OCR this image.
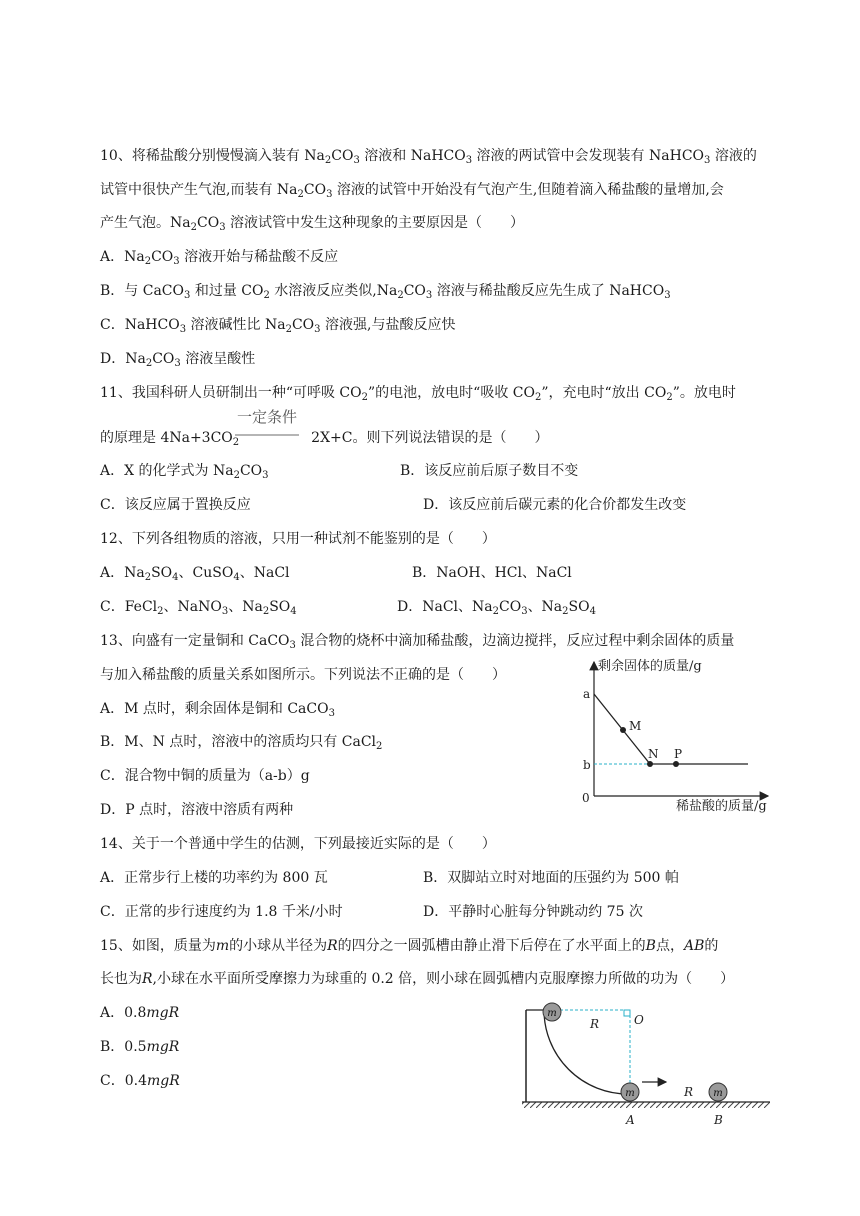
10、将稀盐酸分别慢慢滴入装有 $Na_2CO_3$ 溶液和 NaHCO$_3$ 溶液的两试管中会发现装有 NaHCO$_3$ 溶液的
试管中很快产生气泡,而装有 $Na_2CO_3$ 溶液的试管中开始没有气泡产生,但随着滴入稀盐酸的量增加,会
产生气泡。$Na_2CO_3$ 溶液试管中发生这种现象的主要原因是（　　）
A．$Na_2CO_3$ 溶液开始与稀盐酸不反应
B．与 CaCO$_3$ 和过量 $CO_2$ 水溶液反应类似$,Na_2CO_3$ 溶液与稀盐酸反应先生成了 NaHCO$_3$
C．NaHCO$_3$ 溶液碱性比 $Na_2CO_3$ 溶液强,与盐酸反应快
D．$Na_2CO_3$ 溶液呈酸性
11、我国科研人员研制出一种“可呼吸 $CO_2$”的电池，放电时“吸收 $CO_2$”，充电时“放出 $CO_2$”。放电时
的原理是 $4Na+3CO_2$	2X+C。则下列说法错误的是（　　）
一定条件
A．X 的化学式为 $Na_2CO_3$	B．该反应前后原子数目不变
C．该反应属于置换反应	D．该反应前后碳元素的化合价都发生改变
12、下列各组物质的溶液，只用一种试剂不能鉴别的是（　　）
A．$Na_2SO_4$、CuSO$_4$、NaCl	B．NaOH、HCl、NaCl
C．FeCl$_2$、NaNO$_3$、$Na_2SO_4$	D．NaCl、$Na_2CO_3$、$Na_2SO_4$
13、向盛有一定量铜和 CaCO$_3$ 混合物的烧杯中滴加稀盐酸，边滴边搅拌，反应过程中剩余固体的质量
与加入稀盐酸的质量关系如图所示。下列说法不正确的是（　　）
A．M 点时，剩余固体是铜和 CaCO$_3$
B．M、N 点时，溶液中的溶质均只有 CaCl$_2$
C．混合物中铜的质量为（a-b）g
D．P 点时，溶液中溶质有两种
剩余固体的质量/g
稀盐酸的质量/g
0
a
b
M
N P
14、关于一个普通中学生的估测，下列最接近实际的是（　　）
A．正常步行上楼的功率约为 800 瓦	B．双脚站立时对地面的压强约为 500 帕
C．正常的步行速度约为 1.8 千米/小时	D．平静时心脏每分钟跳动约 75 次
15、如图，质量为m的小球从半径为R的四分之一圆弧槽由静止滑下后停在了水平面上的B点，AB的
长也为R,小球在水平面所受摩擦力为球重的 0.2 倍，则小球在圆弧槽内克服摩擦力所做的功为（　　）
A．0.8mgR
B．0.5mgR
C．0.4mgR
O
R
m
m	R m
A	B
